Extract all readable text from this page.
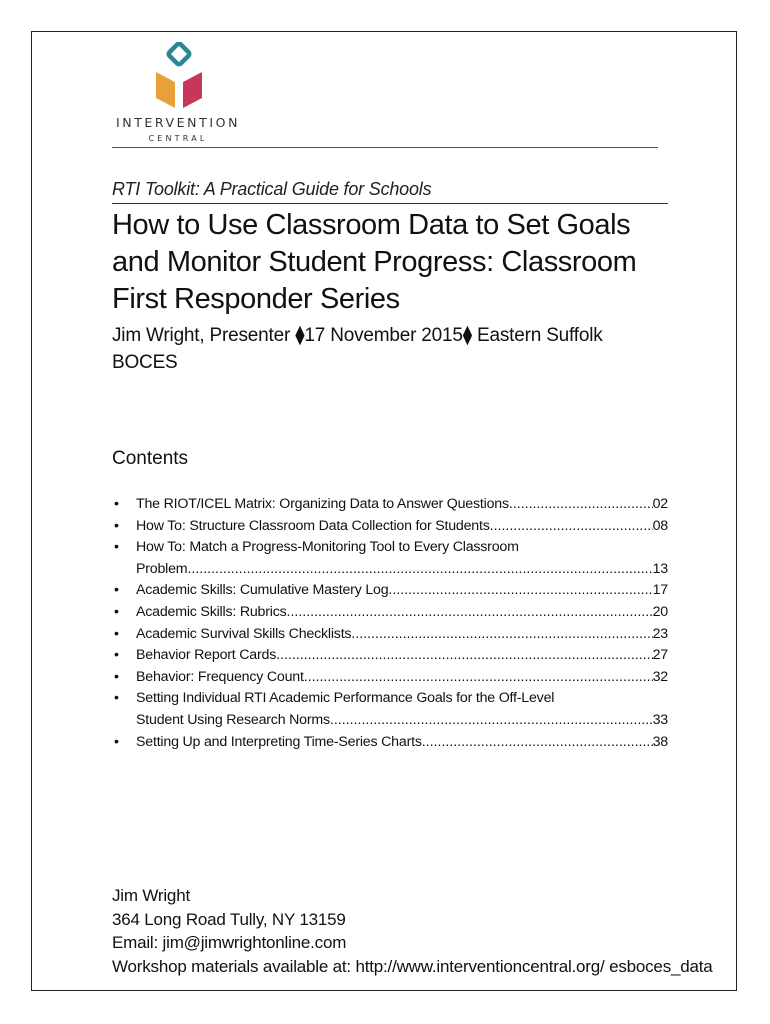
INTERVENTION
CENTRAL
RTI Toolkit: A Practical Guide for Schools
How to Use Classroom Data to Set Goals
and Monitor Student Progress: Classroom
First Responder Series
Jim Wright, Presenter ⧫17 November 2015⧫ Eastern Suffolk
BOCES
Contents
• The RIOT/ICEL Matrix: Organizing Data to Answer Questions .....	02
• How To: Structure Classroom Data Collection for Students .....	08
• How To: Match a Progress-Monitoring Tool to Every Classroom
Problem .....	13
• Academic Skills: Cumulative Mastery Log .....	17
• Academic Skills: Rubrics .....	20
• Academic Survival Skills Checklists .....	23
• Behavior Report Cards .....	27
• Behavior: Frequency Count .....	32
• Setting Individual RTI Academic Performance Goals for the Off-Level
Student Using Research Norms .....	33
• Setting Up and Interpreting Time-Series Charts .....	38
Jim Wright
364 Long Road Tully, NY 13159
Email: jim@jimwrightonline.com
Workshop materials available at: http://www.interventioncentral.org/ esboces_data
